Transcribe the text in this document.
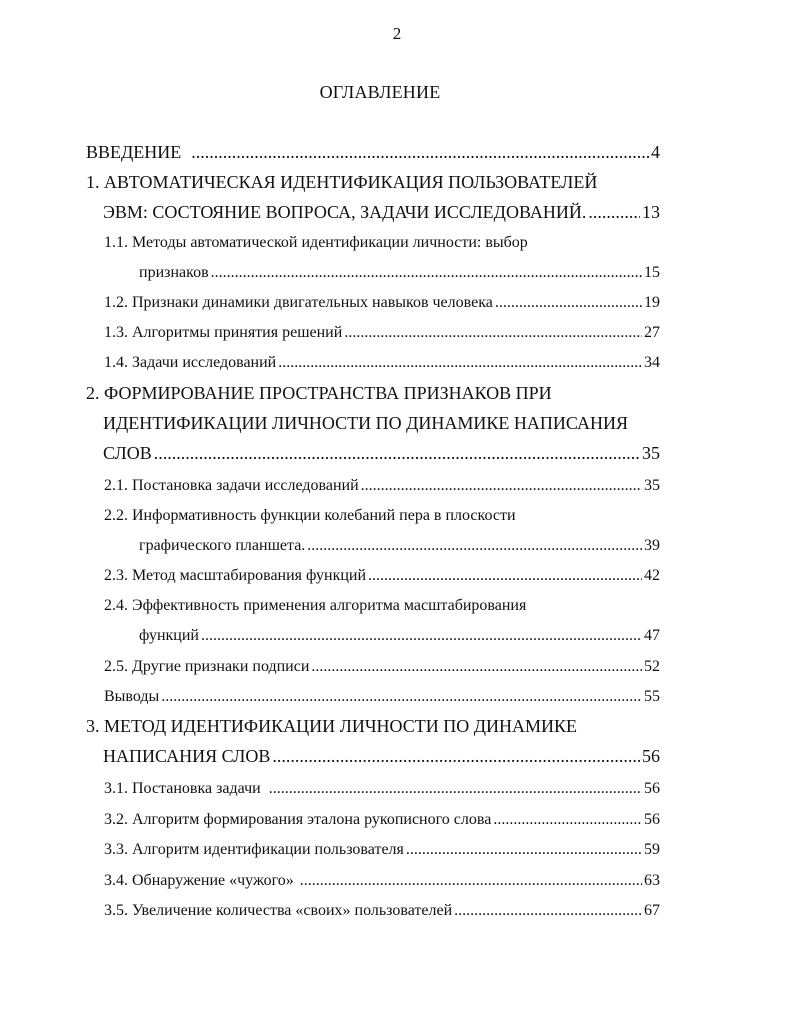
2
ОГЛАВЛЕНИЕ
ВВЕДЕНИЕ .....	4
1. АВТОМАТИЧЕСКАЯ ИДЕНТИФИКАЦИЯ ПОЛЬЗОВАТЕЛЕЙ
ЭВМ: СОСТОЯНИЕ ВОПРОСА, ЗАДАЧИ ИССЛЕДОВАНИЙ. .....	13
1.1. Методы автоматической идентификации личности: выбор
признаков .....	15
1.2. Признаки динамики двигательных навыков человека .....	19
1.3. Алгоритмы принятия решений .....	27
1.4. Задачи исследований .....	34
2. ФОРМИРОВАНИЕ ПРОСТРАНСТВА ПРИЗНАКОВ ПРИ
ИДЕНТИФИКАЦИИ ЛИЧНОСТИ ПО ДИНАМИКЕ НАПИСАНИЯ
СЛОВ .....	35
2.1. Постановка задачи исследований .....	35
2.2. Информативность функции колебаний пера в плоскости
графического планшета. .....	39
2.3. Метод масштабирования функций .....	42
2.4. Эффективность применения алгоритма масштабирования
функций .....	47
2.5. Другие признаки подписи .....	52
Выводы .....	55
3. МЕТОД ИДЕНТИФИКАЦИИ ЛИЧНОСТИ ПО ДИНАМИКЕ
НАПИСАНИЯ СЛОВ .....	56
3.1. Постановка задачи .....	56
3.2. Алгоритм формирования эталона рукописного слова .....	56
3.3. Алгоритм идентификации пользователя .....	59
3.4. Обнаружение «чужого» .....	63
3.5. Увеличение количества «своих» пользователей .....	67
